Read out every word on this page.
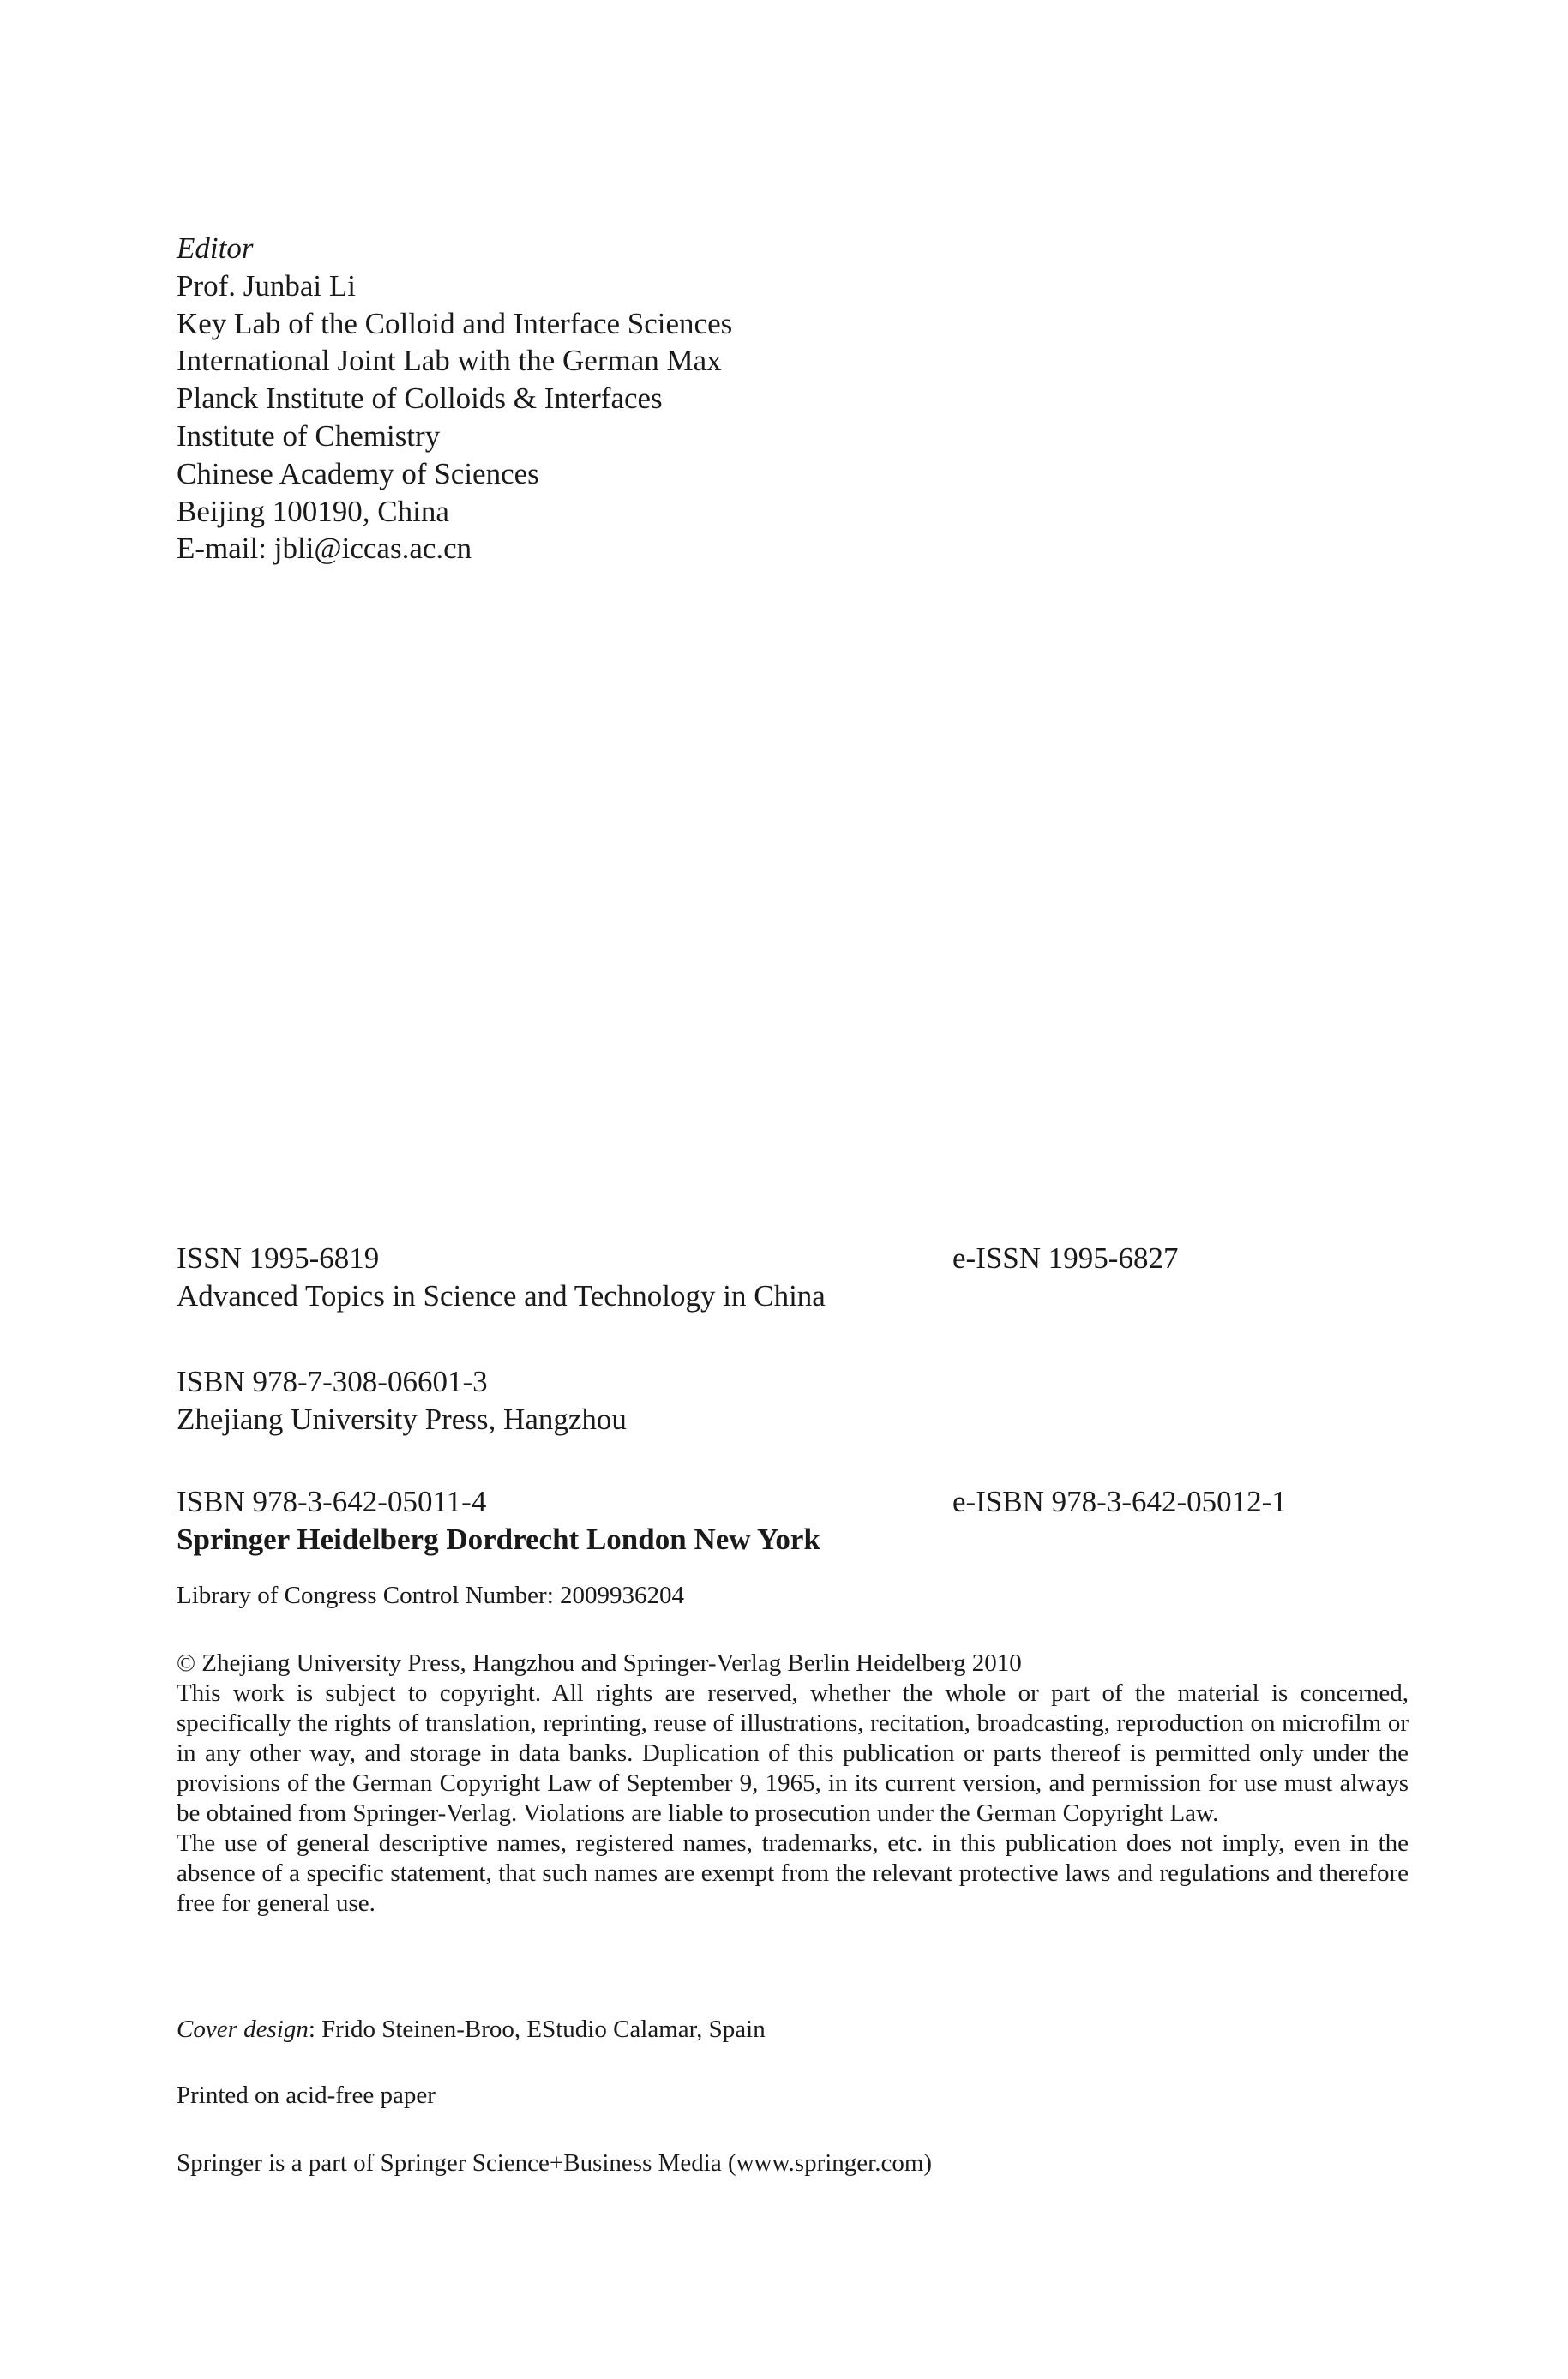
Editor
Prof. Junbai Li
Key Lab of the Colloid and Interface Sciences
International Joint Lab with the German Max
Planck Institute of Colloids & Interfaces
Institute of Chemistry
Chinese Academy of Sciences
Beijing 100190, China
E-mail: jbli@iccas.ac.cn
ISSN 1995-6819	e-ISSN 1995-6827
Advanced Topics in Science and Technology in China
ISBN 978-7-308-06601-3
Zhejiang University Press, Hangzhou
ISBN 978-3-642-05011-4	e-ISBN 978-3-642-05012-1
Springer Heidelberg Dordrecht London New York
Library of Congress Control Number: 2009936204
© Zhejiang University Press, Hangzhou and Springer-Verlag Berlin Heidelberg 2010
This work is subject to copyright. All rights are reserved, whether the whole or part of the material is concerned, specifically the rights of translation, reprinting, reuse of illustrations, recitation, broadcasting, reproduction on microfilm or in any other way, and storage in data banks. Duplication of this publication or parts thereof is permitted only under the provisions of the German Copyright Law of September 9, 1965, in its current version, and permission for use must always be obtained from Springer-Verlag. Violations are liable to prosecution under the German Copyright Law.
The use of general descriptive names, registered names, trademarks, etc. in this publication does not imply, even in the absence of a specific statement, that such names are exempt from the relevant protective laws and regulations and therefore free for general use.
Cover design: Frido Steinen-Broo, EStudio Calamar, Spain
Printed on acid-free paper
Springer is a part of Springer Science+Business Media (www.springer.com)
